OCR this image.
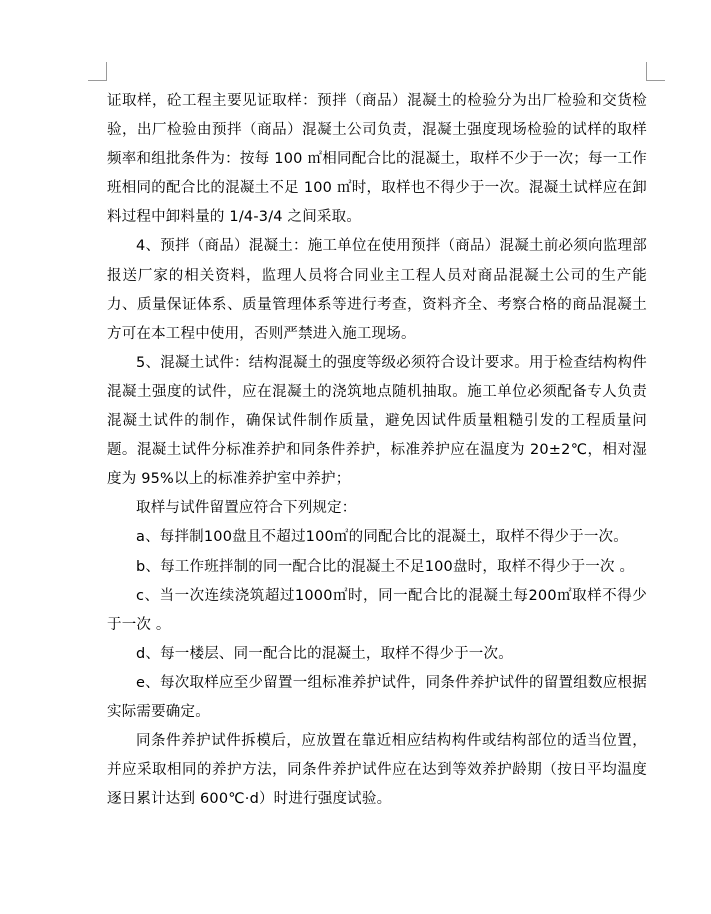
证取样，砼工程主要见证取样：预拌（商品）混凝土的检验分为出厂检验和交货检验，出厂检验由预拌（商品）混凝土公司负责，混凝土强度现场检验的试样的取样频率和组批条件为：按每 100 ㎡相同配合比的混凝土，取样不少于一次；每一工作班相同的配合比的混凝土不足 100 ㎡时，取样也不得少于一次。混凝土试样应在卸料过程中卸料量的 1/4-3/4 之间采取。

4、预拌（商品）混凝土：施工单位在使用预拌（商品）混凝土前必须向监理部报送厂家的相关资料，监理人员将合同业主工程人员对商品混凝土公司的生产能力、质量保证体系、质量管理体系等进行考查，资料齐全、考察合格的商品混凝土方可在本工程中使用，否则严禁进入施工现场。

5、混凝土试件：结构混凝土的强度等级必须符合设计要求。用于检查结构构件混凝土强度的试件，应在混凝土的浇筑地点随机抽取。施工单位必须配备专人负责混凝土试件的制作，确保试件制作质量，避免因试件质量粗糙引发的工程质量问题。混凝土试件分标准养护和同条件养护，标准养护应在温度为 20±2℃，相对湿度为 95%以上的标准养护室中养护；

取样与试件留置应符合下列规定：

a、每拌制100盘且不超过100㎡的同配合比的混凝土，取样不得少于一次。

b、每工作班拌制的同一配合比的混凝土不足100盘时，取样不得少于一次 。

c、当一次连续浇筑超过1000㎡时，同一配合比的混凝土每200㎡取样不得少于一次 。

d、每一楼层、同一配合比的混凝土，取样不得少于一次。

e、每次取样应至少留置一组标准养护试件，同条件养护试件的留置组数应根据实际需要确定。

同条件养护试件拆模后，应放置在靠近相应结构构件或结构部位的适当位置，并应采取相同的养护方法，同条件养护试件应在达到等效养护龄期（按日平均温度逐日累计达到 600℃·d）时进行强度试验。
